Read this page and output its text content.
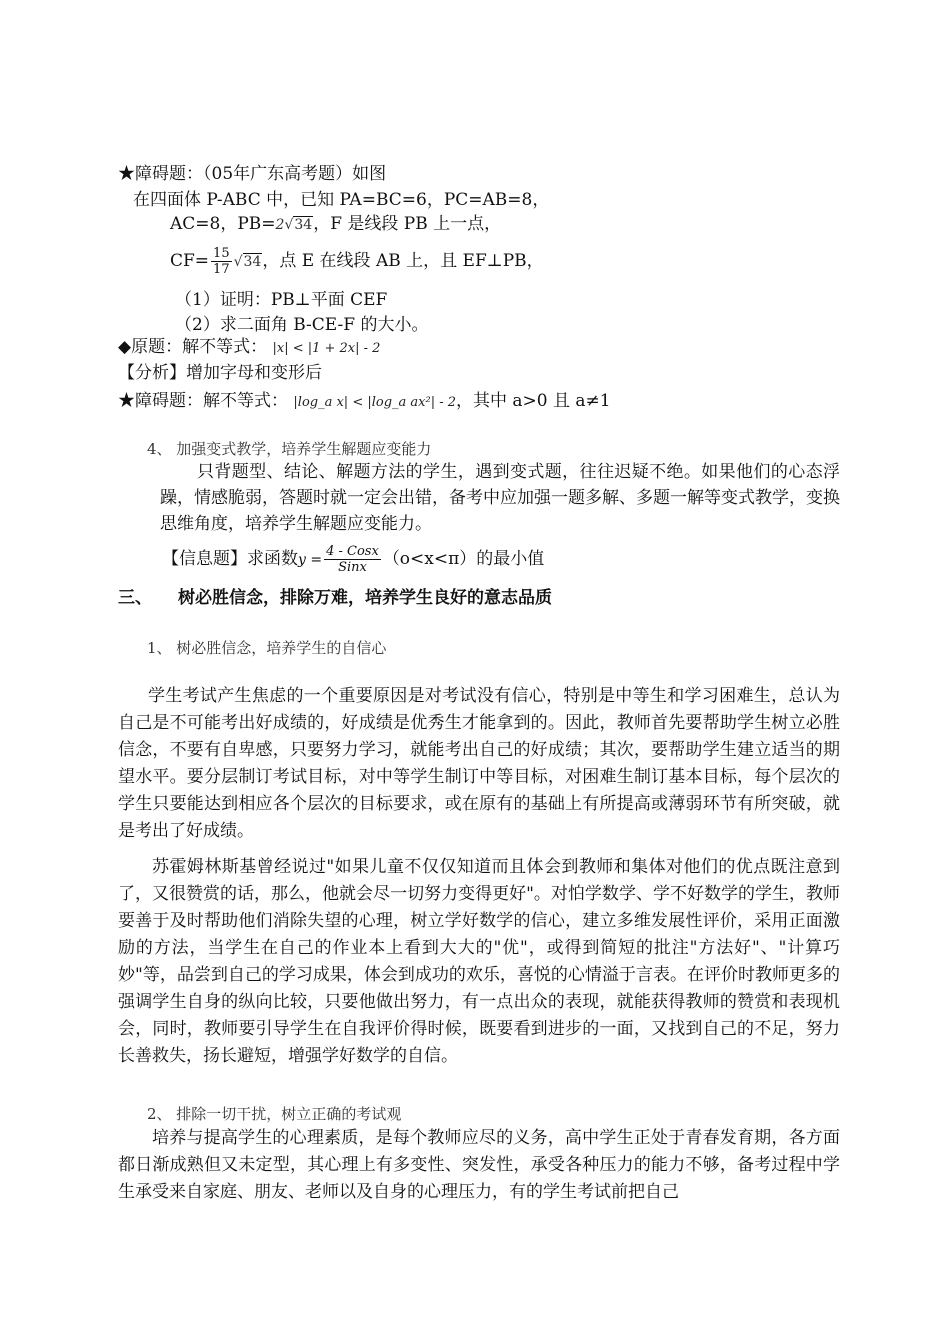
★障碍题：（05年广东高考题）如图
在四面体 P-ABC 中，已知 PA=BC=6，PC=AB=8，
AC=8，PB=2√34，F 是线段 PB 上一点，
$CF= \frac{15}{17} √34$，点 E 在线段 AB 上，且 EF⊥PB，
（1）证明：PB⊥平面 CEF
（2）求二面角 B-CE-F 的大小。
◆原题：解不等式： |x| < |1 + 2x| - 2
【分析】增加字母和变形后
★障碍题：解不等式： |log_a x| < |log_a ax²| - 2，其中 a>0 且 a≠1
4、 加强变式教学，培养学生解题应变能力
只背题型、结论、解题方法的学生，遇到变式题，往往迟疑不绝。如果他们的心态浮躁，情感脆弱，答题时就一定会出错，备考中应加强一题多解、多题一解等变式教学，变换思维角度，培养学生解题应变能力。
【信息题】求函数$y = \frac{\text{4 - Cosx}}{\text{Sinx}} (o<x<\pi)$的最小值
三、 树必胜信念，排除万难，培养学生良好的意志品质
1、 树必胜信念，培养学生的自信心
学生考试产生焦虑的一个重要原因是对考试没有信心，特别是中等生和学习困难生，总认为自己是不可能考出好成绩的，好成绩是优秀生才能拿到的。因此，教师首先要帮助学生树立必胜信念，不要有自卑感，只要努力学习，就能考出自己的好成绩；其次，要帮助学生建立适当的期望水平。要分层制订考试目标，对中等学生制订中等目标，对困难生制订基本目标，每个层次的学生只要能达到相应各个层次的目标要求，或在原有的基础上有所提高或薄弱环节有所突破，就是考出了好成绩。
苏霍姆林斯基曾经说过"如果儿童不仅仅知道而且体会到教师和集体对他们的优点既注意到了，又很赞赏的话，那么，他就会尽一切努力变得更好"。对怕学数学、学不好数学的学生，教师要善于及时帮助他们消除失望的心理，树立学好数学的信心，建立多维发展性评价，采用正面激励的方法，当学生在自己的作业本上看到大大的"优"，或得到简短的批注"方法好"、"计算巧妙"等，品尝到自己的学习成果，体会到成功的欢乐，喜悦的心情溢于言表。在评价时教师更多的强调学生自身的纵向比较，只要他做出努力，有一点出众的表现，就能获得教师的赞赏和表现机会，同时，教师要引导学生在自我评价得时候，既要看到进步的一面，又找到自己的不足，努力长善救失，扬长避短，增强学好数学的自信。
2、 排除一切干扰，树立正确的考试观
培养与提高学生的心理素质，是每个教师应尽的义务，高中学生正处于青春发育期，各方面都日渐成熟但又未定型，其心理上有多变性、突发性，承受各种压力的能力不够，备考过程中学生承受来自家庭、朋友、老师以及自身的心理压力，有的学生考试前把自己
